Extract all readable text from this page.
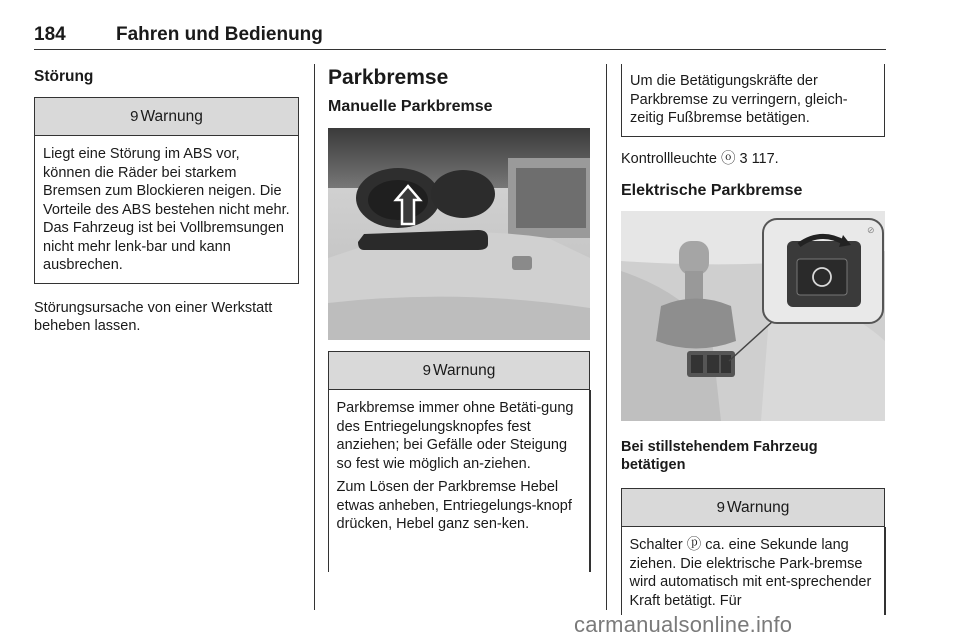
184	Fahren und Bedienung
Störung
9 Warnung

Liegt eine Störung im ABS vor, können die Räder bei starkem Bremsen zum Blockieren neigen. Die Vorteile des ABS bestehen nicht mehr. Das Fahrzeug ist bei Vollbremsungen nicht mehr lenk-bar und kann ausbrechen.

Störungsursache von einer Werkstatt beheben lassen.
Parkbremse
Manuelle Parkbremse
9 Warnung

Parkbremse immer ohne Betäti-gung des Entriegelungsknopfes fest anziehen; bei Gefälle oder Steigung so fest wie möglich an-ziehen.

Zum Lösen der Parkbremse Hebel etwas anheben, Entriegelungs-knopf drücken, Hebel ganz sen-ken.

Um die Betätigungskräfte der Parkbremse zu verringern, gleich-zeitig Fußbremse betätigen.
Kontrollleuchte ⓞ 3 117.
Elektrische Parkbremse
⊘
Bei stillstehendem Fahrzeug betätigen
9 Warnung

Schalter ⓟ ca. eine Sekunde lang ziehen. Die elektrische Park-bremse wird automatisch mit ent-sprechender Kraft betätigt. Für

carmanualsonline.info
